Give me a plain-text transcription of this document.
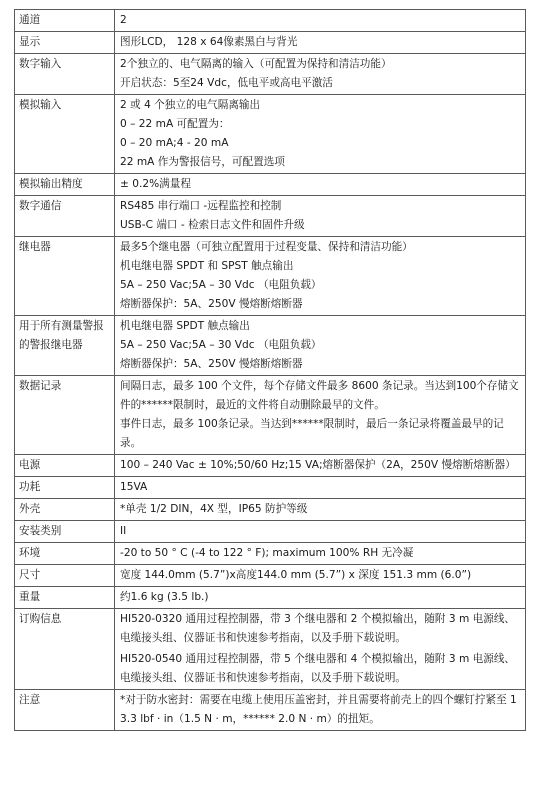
通道	2

显示	图形LCD， 128 x 64像素黑白与背光

数字输入	2个独立的、电气隔离的输入（可配置为保持和清洁功能）
开启状态：5至24 Vdc，低电平或高电平激活

模拟输入	2 或 4 个独立的电气隔离输出
0 – 22 mA 可配置为：
0 – 20 mA;4 - 20 mA
22 mA 作为警报信号，可配置选项

模拟输出精度	± 0.2%满量程

数字通信	RS485 串行端口 -远程监控和控制
USB-C 端口 - 检索日志文件和固件升级

继电器	最多5个继电器（可独立配置用于过程变量、保持和清洁功能）
机电继电器 SPDT 和 SPST 触点输出
5A – 250 Vac;5A – 30 Vdc （电阻负载）
熔断器保护：5A、250V 慢熔断熔断器

用于所有测量警报的警报继电器	机电继电器 SPDT 触点输出
5A – 250 Vac;5A – 30 Vdc （电阻负载）
熔断器保护：5A、250V 慢熔断熔断器

数据记录	间隔日志，最多 100 个文件，每个存储文件最多 8600 条记录。当达到100个存储文件的******限制时，最近的文件将自动删除最早的文件。
事件日志，最多 100条记录。当达到******限制时，最后一条记录将覆盖最早的记录。

电源	100 – 240 Vac ± 10%;50/60 Hz;15 VA;熔断器保护（2A，250V 慢熔断熔断器）

功耗	15VA

外壳	*单壳 1/2 DIN，4X 型，IP65 防护等级

安装类别	II

环境	-20 to 50 ° C (-4 to 122 ° F); maximum 100% RH 无冷凝

尺寸	宽度 144.0mm (5.7”)x高度144.0 mm (5.7”) x 深度 151.3 mm (6.0”)

重量	约1.6 kg (3.5 lb.)

订购信息	HI520-0320 通用过程控制器，带 3 个继电器和 2 个模拟输出，随附 3 m 电源线、电缆接头组、仪器证书和快速参考指南，以及手册下载说明。
HI520-0540 通用过程控制器，带 5 个继电器和 4 个模拟输出，随附 3 m 电源线、电缆接头组、仪器证书和快速参考指南，以及手册下载说明。

注意	*对于防水密封：需要在电缆上使用压盖密封，并且需要将前壳上的四个螺钉拧紧至 13.3 lbf · in（1.5 N · m，****** 2.0 N · m）的扭矩。
